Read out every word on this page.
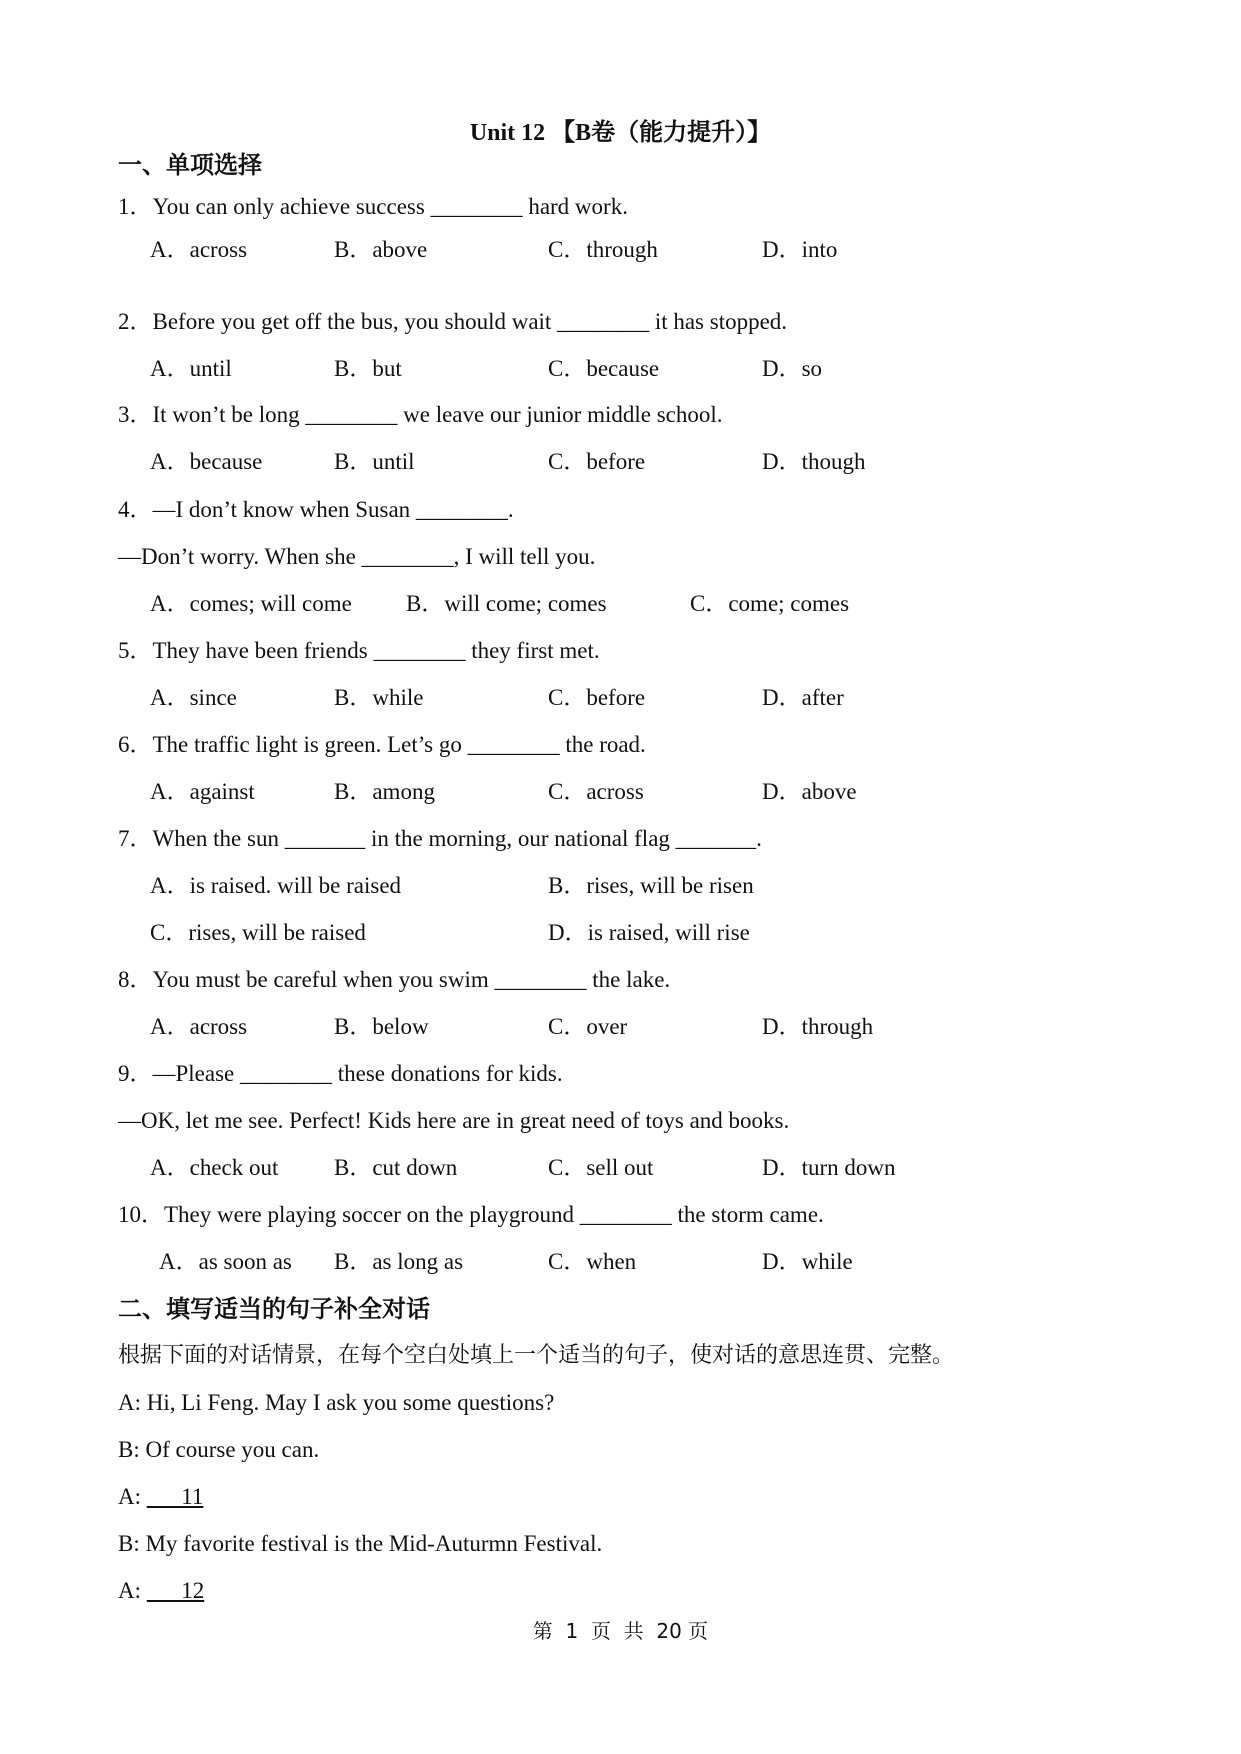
Unit 12 【B卷（能力提升）】
一、单项选择
1．You can only achieve success ________ hard work.
A．across	B．above	C．through	D．into
2．Before you get off the bus, you should wait ________ it has stopped.
A．until	B．but	C．because	D．so
3．It won’t be long ________ we leave our junior middle school.
A．because	B．until	C．before	D．though
4．—I don’t know when Susan ________.
—Don’t worry. When she ________, I will tell you.
A．comes; will come B．will come; comes	C．come; comes
5．They have been friends ________ they first met.
A．since	B．while	C．before	D．after
6．The traffic light is green. Let’s go ________ the road.
A．against	B．among	C．across	D．above
7．When the sun _______ in the morning, our national flag _______.
A．is raised. will be raised	B．rises, will be risen
C．rises, will be raised	D．is raised, will rise
8．You must be careful when you swim ________ the lake.
A．across	B．below	C．over	D．through
9．—Please ________ these donations for kids.
—OK, let me see. Perfect! Kids here are in great need of toys and books.
A．check out B．cut down	C．sell out	D．turn down
10．They were playing soccer on the playground ________ the storm came.
A．as soon as B．as long as	C．when	D．while
二、填写适当的句子补全对话
根据下面的对话情景，在每个空白处填上一个适当的句子，使对话的意思连贯、完整。
A: Hi, Li Feng. May I ask you some questions?
B: Of course you can.
A:       11
B: My favorite festival is the Mid-Auturmn Festival.
A:       12
第  1  页  共  20 页
